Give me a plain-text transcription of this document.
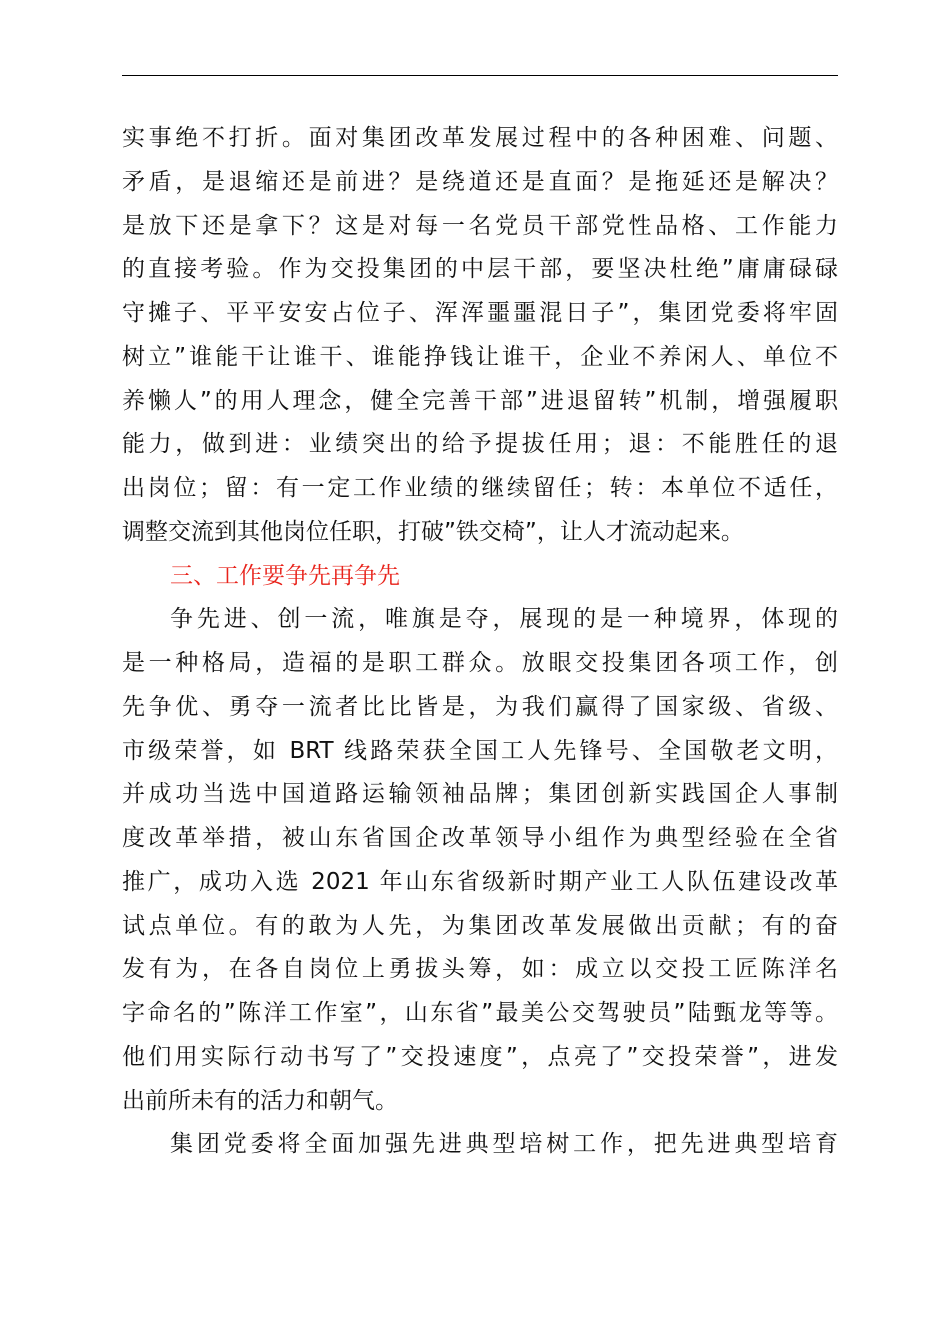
实事绝不打折。面对集团改革发展过程中的各种困难、问题、
矛盾，是退缩还是前进？是绕道还是直面？是拖延还是解决？
是放下还是拿下？这是对每一名党员干部党性品格、工作能力
的直接考验。作为交投集团的中层干部，要坚决杜绝”庸庸碌碌
守摊子、平平安安占位子、浑浑噩噩混日子”，集团党委将牢固
树立”谁能干让谁干、谁能挣钱让谁干，企业不养闲人、单位不
养懒人”的用人理念，健全完善干部”进退留转”机制，增强履职
能力，做到进：业绩突出的给予提拔任用；退：不能胜任的退
出岗位；留：有一定工作业绩的继续留任；转：本单位不适任，
调整交流到其他岗位任职，打破”铁交椅”，让人才流动起来。
三、工作要争先再争先
争先进、创一流，唯旗是夺，展现的是一种境界，体现的
是一种格局，造福的是职工群众。放眼交投集团各项工作，创
先争优、勇夺一流者比比皆是，为我们赢得了国家级、省级、
市级荣誉，如 BRT 线路荣获全国工人先锋号、全国敬老文明，
并成功当选中国道路运输领袖品牌；集团创新实践国企人事制
度改革举措，被山东省国企改革领导小组作为典型经验在全省
推广，成功入选 2021 年山东省级新时期产业工人队伍建设改革
试点单位。有的敢为人先，为集团改革发展做出贡献；有的奋
发有为，在各自岗位上勇拔头筹，如：成立以交投工匠陈洋名
字命名的”陈洋工作室”，山东省”最美公交驾驶员”陆甄龙等等。
他们用实际行动书写了”交投速度”，点亮了”交投荣誉”，进发
出前所未有的活力和朝气。
集团党委将全面加强先进典型培树工作，把先进典型培育
